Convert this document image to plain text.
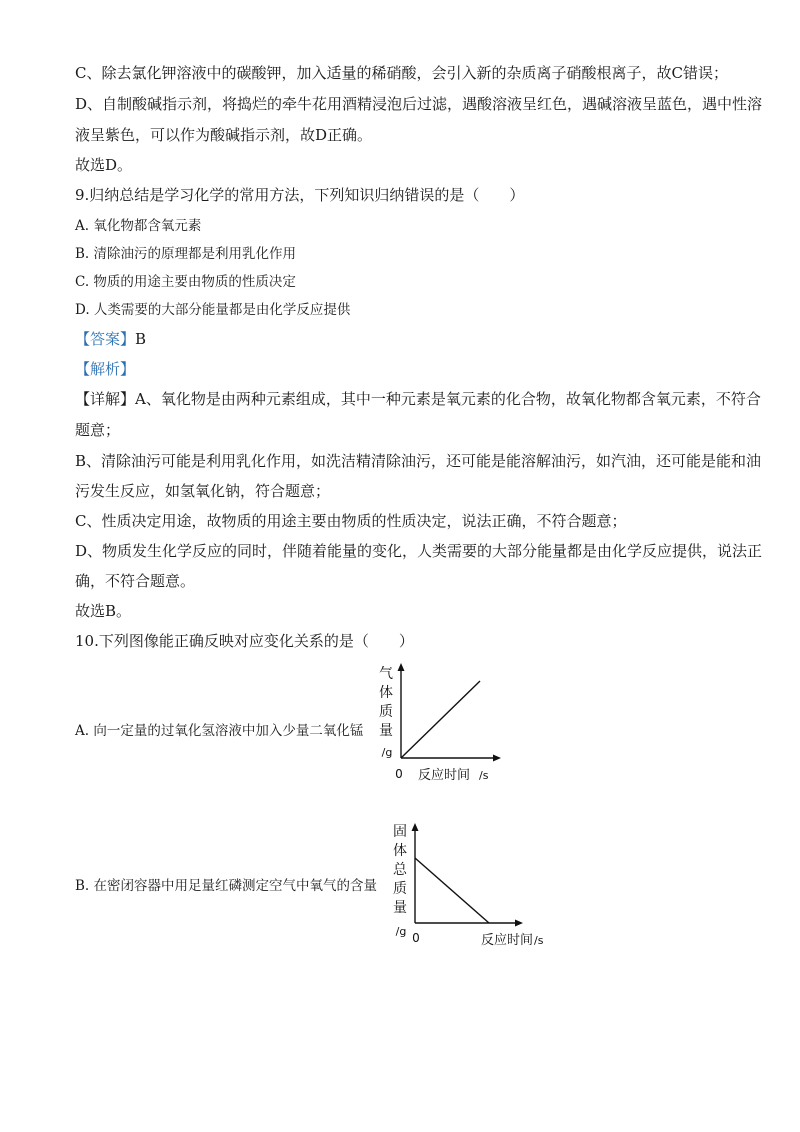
C、除去氯化钾溶液中的碳酸钾，加入适量的稀硝酸，会引入新的杂质离子硝酸根离子，故C错误；
D、自制酸碱指示剂，将捣烂的牵牛花用酒精浸泡后过滤，遇酸溶液呈红色，遇碱溶液呈蓝色，遇中性溶
液呈紫色，可以作为酸碱指示剂，故D正确。
故选D。
9.归纳总结是学习化学的常用方法，下列知识归纳错误的是（　　）
A. 氧化物都含氧元素
B. 清除油污的原理都是利用乳化作用
C. 物质的用途主要由物质的性质决定
D. 人类需要的大部分能量都是由化学反应提供
【答案】B
【解析】
【详解】A、氧化物是由两种元素组成，其中一种元素是氧元素的化合物，故氧化物都含氧元素，不符合
题意；
B、清除油污可能是利用乳化作用，如洗洁精清除油污，还可能是能溶解油污，如汽油，还可能是能和油
污发生反应，如氢氧化钠，符合题意；
C、性质决定用途，故物质的用途主要由物质的性质决定，说法正确，不符合题意；
D、物质发生化学反应的同时，伴随着能量的变化，人类需要的大部分能量都是由化学反应提供，说法正
确，不符合题意。
故选B。
10.下列图像能正确反映对应变化关系的是（　　）
A. 向一定量的过氧化氢溶液中加入少量二氧化锰
气
体
质
量
/g
0 反应时间 /s
B. 在密闭容器中用足量红磷测定空气中氧气的含量
固
体
总
质
量
/g 0	反应时间 /s
